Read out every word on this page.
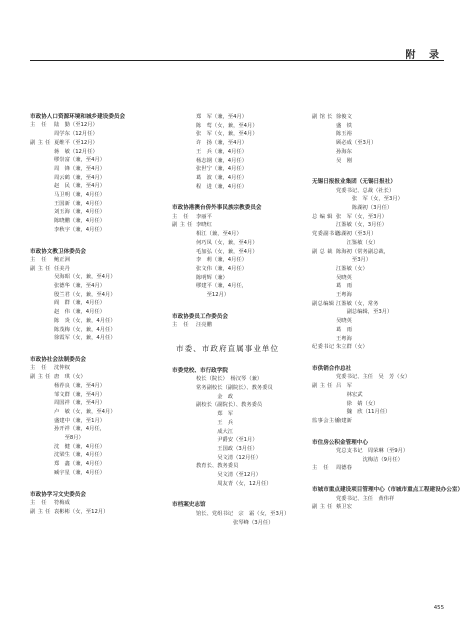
附 录
市政协人口资源环境和城乡建设委员会
主　任	陆　勤（至12月）
周学东（12月任）
副 主 任 夏维平（至12月）
蒋　敏（12月任）
缪崇富（兼，至4月）
周　锋（兼，至4月）
周云鹤（兼，至4月）
赵　民（兼，至4月）
马卫明（兼，4月任）
王国新（兼，4月任）
刘玉海（兼，4月任）
陈晓鹏（兼，4月任）
李秋宇（兼，4月任）
市政协文教卫体委员会
主　任	鲍正洲
副 主 任 任美丹
吴海昭（女，兼，至4月）
张德华（兼，至4月）
殷兰君（女，兼，至4月）
阎　群（兼，4月任）
赵　伟（兼，4月任）
陈　炎（女，兼，4月任）
陈茂梅（女，兼，4月任）
徐霞军（女，兼，4月任）
市政协社会法制委员会
主　任	沈仲权
副 主 任 唐　琪（女）
杨荐良（兼，至4月）
邹文群（兼，至4月）
周国祥（兼，至4月）
卢　敏（女，兼，至4月）
盛建中（兼，至1月）
孙开祥（兼，4月任，
　　至8月）
沈　健（兼，4月任）
沈梁生（兼，4月任）
郑　鑫（兼，4月任）
臧宇星（兼，4月任）
市政协学习文史委员会
主　任	符梅成
副 主 任 袁彬彬（女，至12月）
郑　军（兼，至4月）
陈　莺（女，兼，至4月）
张　军（女，兼，至4月）
许　扬（兼，至4月）
王　兵（兼，4月任）
杨志钢（兼，4月任）
张世宁（兼，4月任）
葛　波（兼，4月任）
程　进（兼，4月任）
市政协港澳台侨外事民族宗教委员会
主　任	李丽平
副 主 任 李晓红
相江（兼，至4月）
何巧凤（女，兼，至4月）
毛加弘（女，兼，至4月）
李　莉（兼，4月任）
张文伟（兼，4月任）
陈明辉（兼）
缪建平（兼，4月任，
　　至12月）
市政协委员工作委员会
主　任	汪亮鹏
市委、市政府直属事业单位
市委党校、市行政学院
校长（院长）　杨汉琴（兼）
常务副校长（副院长）、教务委员
　　　　金　政
副校长（副院长）、教务委员
　　　　郑　军
　　　　王　兵
　　　　成大江
　　　　尹爵安（至1月）
　　　　王国政（3月任）
　　　　吴文清（12月任）
教育长、教务委员
　　　　吴文清（至12月）
　　　　周友青（女，12月任）
市档案史志馆
馆长、党组书记　宗　霜（女，至3月）
　　　　　　　张琴峰（3月任）
副 馆 长 徐俊文
盛　铁
陈玉裕
顾必成（至3月）
孙海东
吴　刚
无锡日报报业集团（无锡日报社）
党委书记、总裁（社长）
　　　张　军（女，至3月）
　　　陈湖初（3月任）
总 编 辑 张　军（女，至3月）
江鉴敏（女，3月任）
党委副书记
陈湖初（至3月）
　　江鉴敏（女）
副 总 裁 陈海初（常务副总裁，
　　　至3月）
江鉴敏（女）
吴晓英
葛　雨
王粤海
副总编辑 江鉴敏（女，常务
　　副总编辑，至3月）
吴晓英
葛　雨
王粤海
纪委书记 朱立群（女）
市供销合作总社
党委书记、主任　吴　芳（女）
副 主 任 吕　军
　　林宏武
　　徐　婧（女）
　　魏　欣（11月任）
监事会主任
俞建新
市住房公积金管理中心
党总支书记　周荣琳（至9月）
　　　　　沈梅洁（9月任）
主　任	周德春
市城市重点建设项目管理中心（市城市重点工程建设办公室）
党委书记、主任　黄伟祥
副 主 任 蔡卫宏
455
